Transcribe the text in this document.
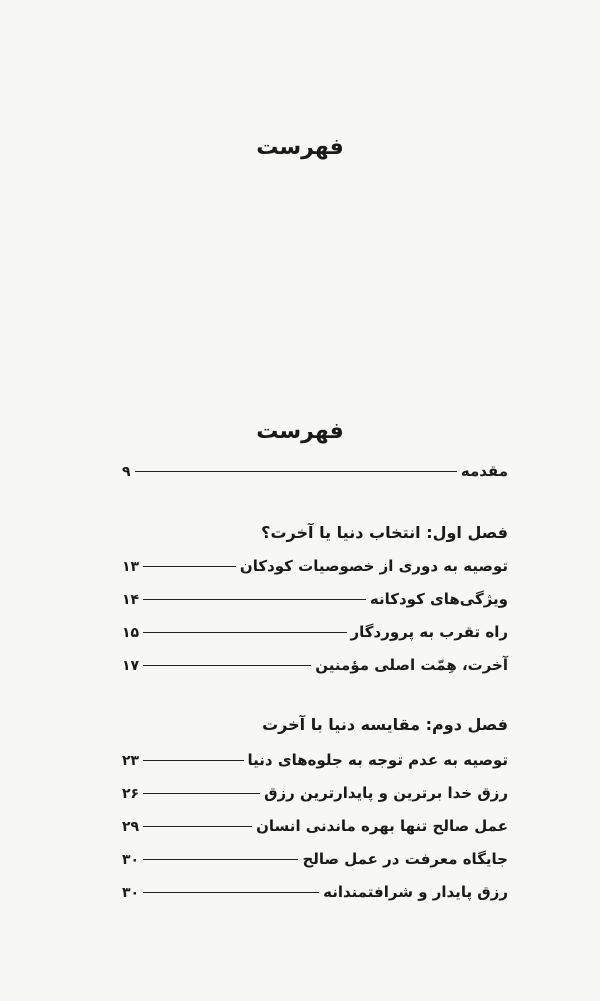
فهرست
فهرست
مقدمه
۹
فصل اول: انتخاب دنیا یا آخرت؟
توصیه به دوری از خصوصیات کودکان
۱۳
ویژگی‌های کودکانه
۱۴
راه تقرب به پروردگار
۱۵
آخرت، هِمّت اصلی مؤمنین
۱۷
فصل دوم: مقایسه دنیا با آخرت
توصیه به عدم توجه به جلوه‌های دنیا
۲۳
رزق خدا برترین و پایدارترین رزق
۲۶
عمل صالح تنها بهره ماندنی انسان
۲۹
جایگاه معرفت در عمل صالح
۳۰
رزق پایدار و شرافتمندانه
۳۰
